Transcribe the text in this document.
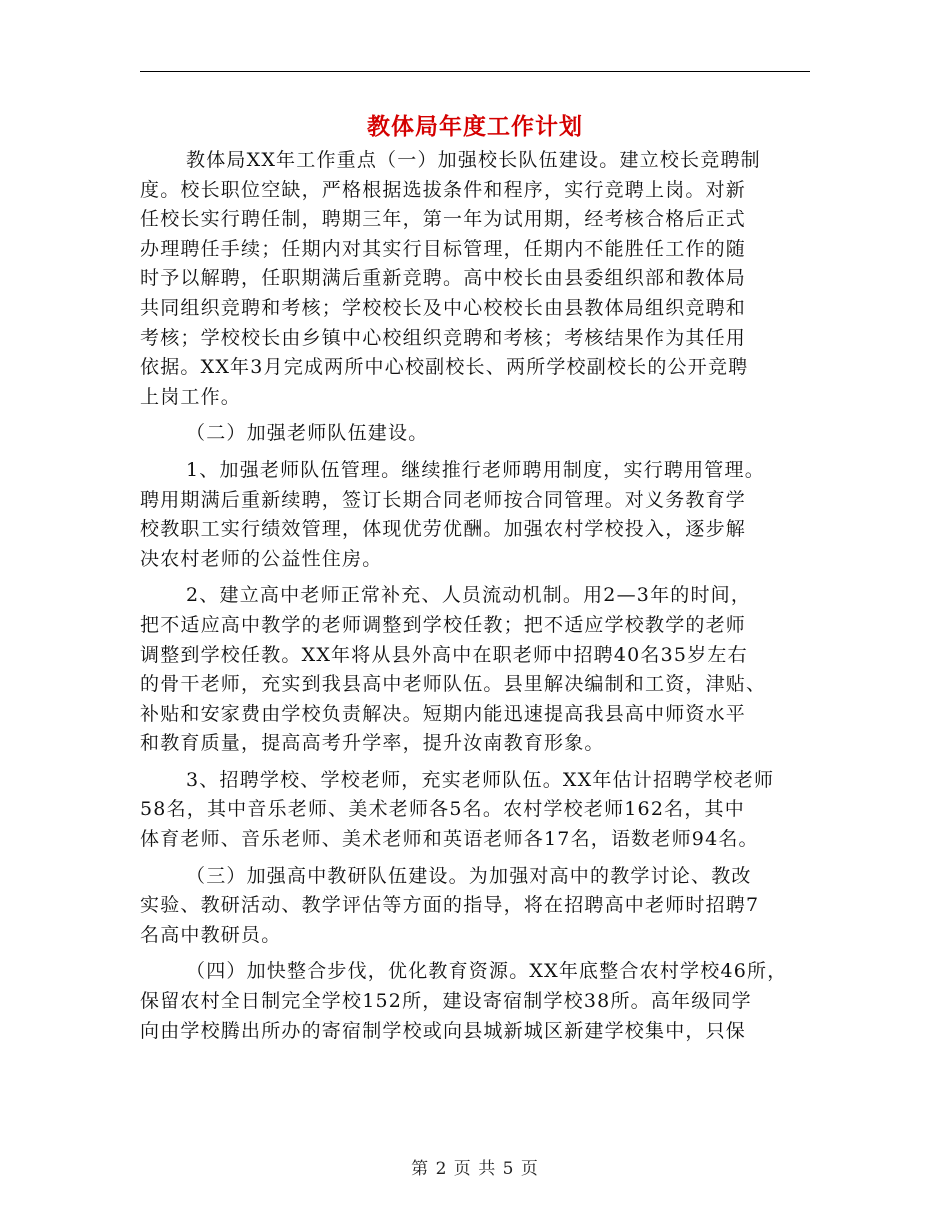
教体局年度工作计划
教体局XX年工作重点（一）加强校长队伍建设。建立校长竞聘制
度。校长职位空缺，严格根据选拔条件和程序，实行竞聘上岗。对新
任校长实行聘任制，聘期三年，第一年为试用期，经考核合格后正式
办理聘任手续；任期内对其实行目标管理，任期内不能胜任工作的随
时予以解聘，任职期满后重新竞聘。高中校长由县委组织部和教体局
共同组织竞聘和考核；学校校长及中心校校长由县教体局组织竞聘和
考核；学校校长由乡镇中心校组织竞聘和考核；考核结果作为其任用
依据。XX年3月完成两所中心校副校长、两所学校副校长的公开竞聘
上岗工作。
（二）加强老师队伍建设。
1、加强老师队伍管理。继续推行老师聘用制度，实行聘用管理。
聘用期满后重新续聘，签订长期合同老师按合同管理。对义务教育学
校教职工实行绩效管理，体现优劳优酬。加强农村学校投入，逐步解
决农村老师的公益性住房。
2、建立高中老师正常补充、人员流动机制。用2—3年的时间，
把不适应高中教学的老师调整到学校任教；把不适应学校教学的老师
调整到学校任教。XX年将从县外高中在职老师中招聘40名35岁左右
的骨干老师，充实到我县高中老师队伍。县里解决编制和工资，津贴、
补贴和安家费由学校负责解决。短期内能迅速提高我县高中师资水平
和教育质量，提高高考升学率，提升汝南教育形象。
3、招聘学校、学校老师，充实老师队伍。XX年估计招聘学校老师
58名，其中音乐老师、美术老师各5名。农村学校老师162名，其中
体育老师、音乐老师、美术老师和英语老师各17名，语数老师94名。
（三）加强高中教研队伍建设。为加强对高中的教学讨论、教改
实验、教研活动、教学评估等方面的指导，将在招聘高中老师时招聘7
名高中教研员。
（四）加快整合步伐，优化教育资源。XX年底整合农村学校46所，
保留农村全日制完全学校152所，建设寄宿制学校38所。高年级同学
向由学校腾出所办的寄宿制学校或向县城新城区新建学校集中，只保
第 2 页 共 5 页
